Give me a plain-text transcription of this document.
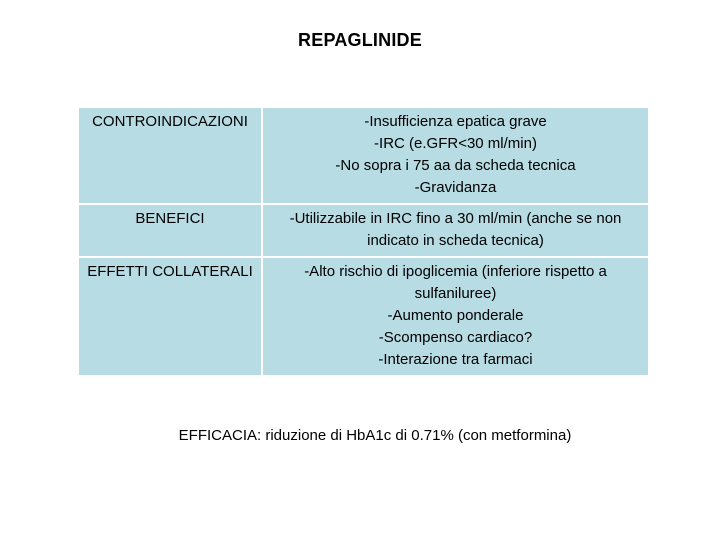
REPAGLINIDE
CONTROINDICAZIONI	-Insufficienza epatica grave
-IRC (e.GFR<30 ml/min)
-No sopra i 75 aa da scheda tecnica
-Gravidanza

BENEFICI	-Utilizzabile in IRC fino a 30 ml/min (anche se non
indicato in scheda tecnica)

EFFETTI COLLATERALI	-Alto rischio di ipoglicemia (inferiore rispetto a
sulfaniluree)
-Aumento ponderale
-Scompenso cardiaco?
-Interazione tra farmaci
EFFICACIA: riduzione di HbA1c di 0.71% (con metformina)
